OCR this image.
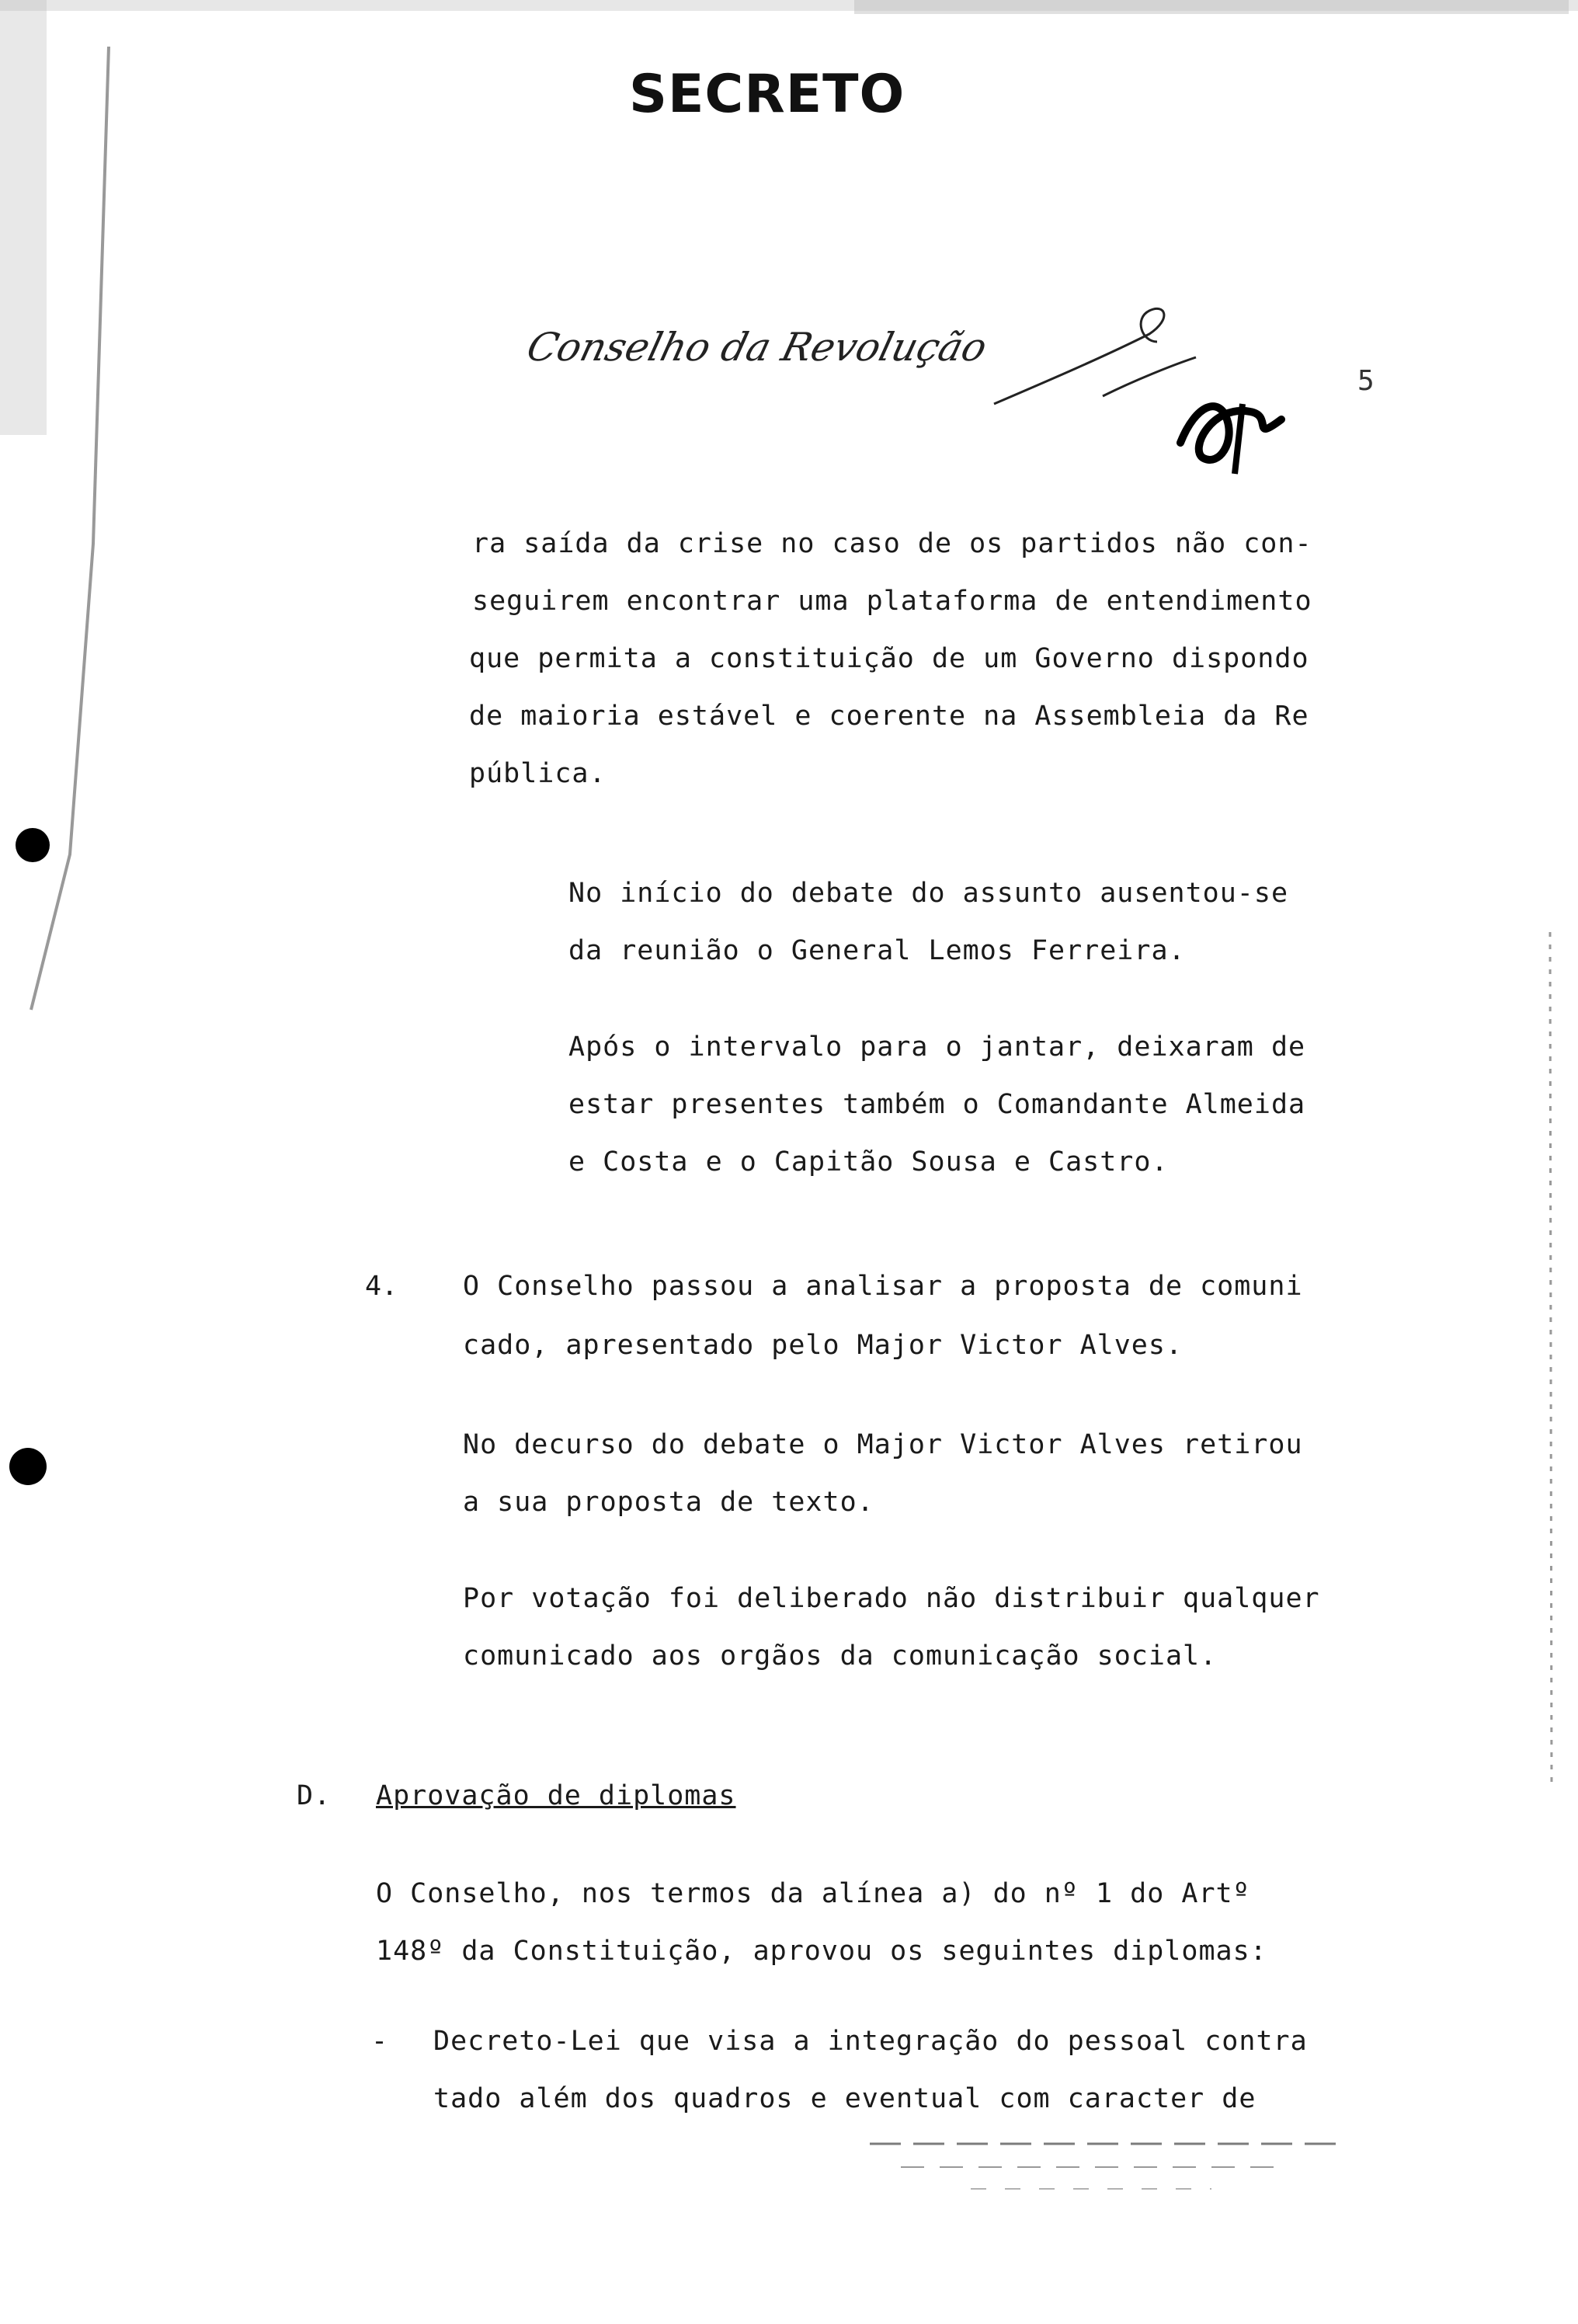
SECRETO
Conselho da Revolução
5
ra saída da crise no caso de os partidos não con-
seguirem encontrar uma plataforma de entendimento
que permita a constituição de um Governo dispondo
de maioria estável e coerente na Assembleia da Re
pública.
No início do debate do assunto ausentou-se
da reunião o General Lemos Ferreira.
Após o intervalo para o jantar, deixaram de
estar presentes também o Comandante Almeida
e Costa e o Capitão Sousa e Castro.
4. O Conselho passou a analisar a proposta de comuni
cado, apresentado pelo Major Victor Alves.
No decurso do debate o Major Victor Alves retirou
a sua proposta de texto.
Por votação foi deliberado não distribuir qualquer
comunicado aos orgãos da comunicação social.
D. Aprovação de diplomas
O Conselho, nos termos da alínea a) do nº 1 do Artº
148º da Constituição, aprovou os seguintes diplomas:
- Decreto-Lei que visa a integração do pessoal contra
tado além dos quadros e eventual com caracter de
